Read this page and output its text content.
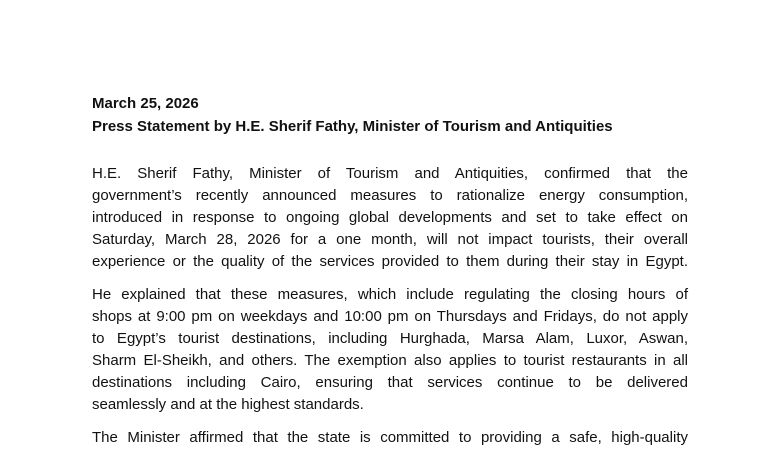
March 25, 2026

Press Statement by H.E. Sherif Fathy, Minister of Tourism and Antiquities

H.E. Sherif Fathy, Minister of Tourism and Antiquities, confirmed that the
government’s recently announced measures to rationalize energy consumption,
introduced in response to ongoing global developments and set to take effect on
Saturday, March 28, 2026 for a one month, will not impact tourists, their overall
experience or the quality of the services provided to them during their stay in Egypt.
He explained that these measures, which include regulating the closing hours of
shops at 9:00 pm on weekdays and 10:00 pm on Thursdays and Fridays, do not apply
to Egypt’s tourist destinations, including Hurghada, Marsa Alam, Luxor, Aswan,
Sharm El-Sheikh, and others. The exemption also applies to tourist restaurants in all
destinations including Cairo, ensuring that services continue to be delivered
seamlessly and at the highest standards.
The Minister affirmed that the state is committed to providing a safe, high-quality
